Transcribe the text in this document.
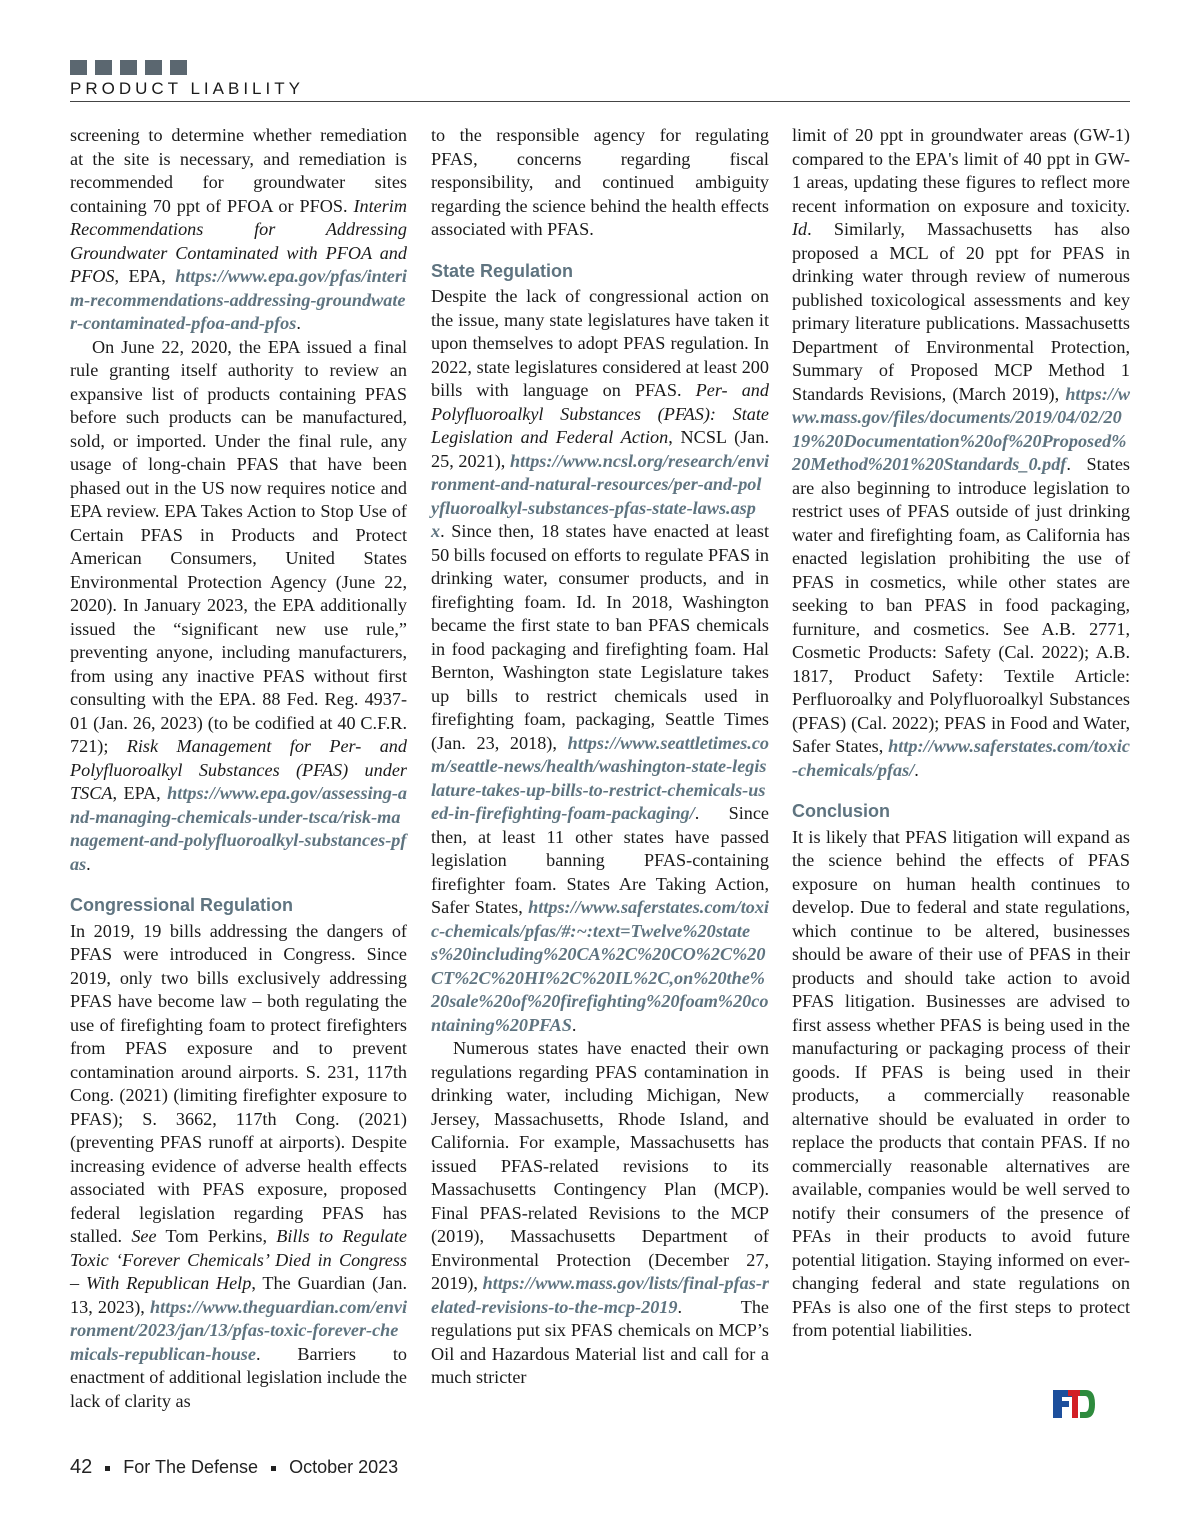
PRODUCT LIABILITY

screening to determine whether remediation at the site is necessary, and remediation is recommended for groundwater sites containing 70 ppt of PFOA or PFOS. Interim Recommendations for Addressing Groundwater Contaminated with PFOA and PFOS, EPA, https://www.epa.gov/pfas/interim-recommendations-addressing-groundwater-contaminated-pfoa-and-pfos.

On June 22, 2020, the EPA issued a final rule granting itself authority to review an expansive list of products containing PFAS before such products can be manufactured, sold, or imported. Under the final rule, any usage of long-chain PFAS that have been phased out in the US now requires notice and EPA review. EPA Takes Action to Stop Use of Certain PFAS in Products and Protect American Consumers, United States Environmental Protection Agency (June 22, 2020). In January 2023, the EPA additionally issued the “significant new use rule,” preventing anyone, including manufacturers, from using any inactive PFAS without first consulting with the EPA. 88 Fed. Reg. 4937-01 (Jan. 26, 2023) (to be codified at 40 C.F.R. 721); Risk Management for Per- and Polyfluoroalkyl Substances (PFAS) under TSCA, EPA, https://www.epa.gov/assessing-and-managing-chemicals-under-tsca/risk-management-and-polyfluoroalkyl-substances-pfas.

Congressional Regulation

In 2019, 19 bills addressing the dangers of PFAS were introduced in Congress. Since 2019, only two bills exclusively addressing PFAS have become law – both regulating the use of firefighting foam to protect firefighters from PFAS exposure and to prevent contamination around airports. S. 231, 117th Cong. (2021) (limiting firefighter exposure to PFAS); S. 3662, 117th Cong. (2021) (preventing PFAS runoff at airports). Despite increasing evidence of adverse health effects associated with PFAS exposure, proposed federal legislation regarding PFAS has stalled. See Tom Perkins, Bills to Regulate Toxic ‘Forever Chemicals’ Died in Congress – With Republican Help, The Guardian (Jan. 13, 2023), https://www.theguardian.com/environment/2023/jan/13/pfas-toxic-forever-chemicals-republican-house. Barriers to enactment of additional legislation include the lack of clarity as

to the responsible agency for regulating PFAS, concerns regarding fiscal responsibility, and continued ambiguity regarding the science behind the health effects associated with PFAS.

State Regulation

Despite the lack of congressional action on the issue, many state legislatures have taken it upon themselves to adopt PFAS regulation. In 2022, state legislatures considered at least 200 bills with language on PFAS. Per- and Polyfluoroalkyl Substances (PFAS): State Legislation and Federal Action, NCSL (Jan. 25, 2021), https://www.ncsl.org/research/environment-and-natural-resources/per-and-polyfluoroalkyl-substances-pfas-state-laws.aspx. Since then, 18 states have enacted at least 50 bills focused on efforts to regulate PFAS in drinking water, consumer products, and in firefighting foam. Id. In 2018, Washington became the first state to ban PFAS chemicals in food packaging and firefighting foam. Hal Bernton, Washington state Legislature takes up bills to restrict chemicals used in firefighting foam, packaging, Seattle Times (Jan. 23, 2018), https://www.seattletimes.com/seattle-news/health/washington-state-legislature-takes-up-bills-to-restrict-chemicals-used-in-firefighting-foam-packaging/. Since then, at least 11 other states have passed legislation banning PFAS-containing firefighter foam. States Are Taking Action, Safer States, https://www.saferstates.com/toxic-chemicals/pfas/#:~:text=Twelve%20states%20including%20CA%2C%20CO%2C%20CT%2C%20HI%2C%20IL%2C,on%20the%20sale%20of%20firefighting%20foam%20containing%20PFAS.

Numerous states have enacted their own regulations regarding PFAS contamination in drinking water, including Michigan, New Jersey, Massachusetts, Rhode Island, and California. For example, Massachusetts has issued PFAS-related revisions to its Massachusetts Contingency Plan (MCP). Final PFAS-related Revisions to the MCP (2019), Massachusetts Department of Environmental Protection (December 27, 2019), https://www.mass.gov/lists/final-pfas-related-revisions-to-the-mcp-2019. The regulations put six PFAS chemicals on MCP’s Oil and Hazardous Material list and call for a much stricter

limit of 20 ppt in groundwater areas (GW-1) compared to the EPA's limit of 40 ppt in GW-1 areas, updating these figures to reflect more recent information on exposure and toxicity. Id. Similarly, Massachusetts has also proposed a MCL of 20 ppt for PFAS in drinking water through review of numerous published toxicological assessments and key primary literature publications. Massachusetts Department of Environmental Protection, Summary of Proposed MCP Method 1 Standards Revisions, (March 2019), https://www.mass.gov/files/documents/2019/04/02/2019%20Documentation%20of%20Proposed%20Method%201%20Standards_0.pdf. States are also beginning to introduce legislation to restrict uses of PFAS outside of just drinking water and firefighting foam, as California has enacted legislation prohibiting the use of PFAS in cosmetics, while other states are seeking to ban PFAS in food packaging, furniture, and cosmetics. See A.B. 2771, Cosmetic Products: Safety (Cal. 2022); A.B. 1817, Product Safety: Textile Article: Perfluoroalky and Polyfluoroalkyl Substances (PFAS) (Cal. 2022); PFAS in Food and Water, Safer States, http://www.saferstates.com/toxic-chemicals/pfas/.

Conclusion

It is likely that PFAS litigation will expand as the science behind the effects of PFAS exposure on human health continues to develop. Due to federal and state regulations, which continue to be altered, businesses should be aware of their use of PFAS in their products and should take action to avoid PFAS litigation. Businesses are advised to first assess whether PFAS is being used in the manufacturing or packaging process of their goods. If PFAS is being used in their products, a commercially reasonable alternative should be evaluated in order to replace the products that contain PFAS. If no commercially reasonable alternatives are available, companies would be well served to notify their consumers of the presence of PFAs in their products to avoid future potential litigation. Staying informed on ever-changing federal and state regulations on PFAs is also one of the first steps to protect from potential liabilities.

42 For The Defense October 2023
